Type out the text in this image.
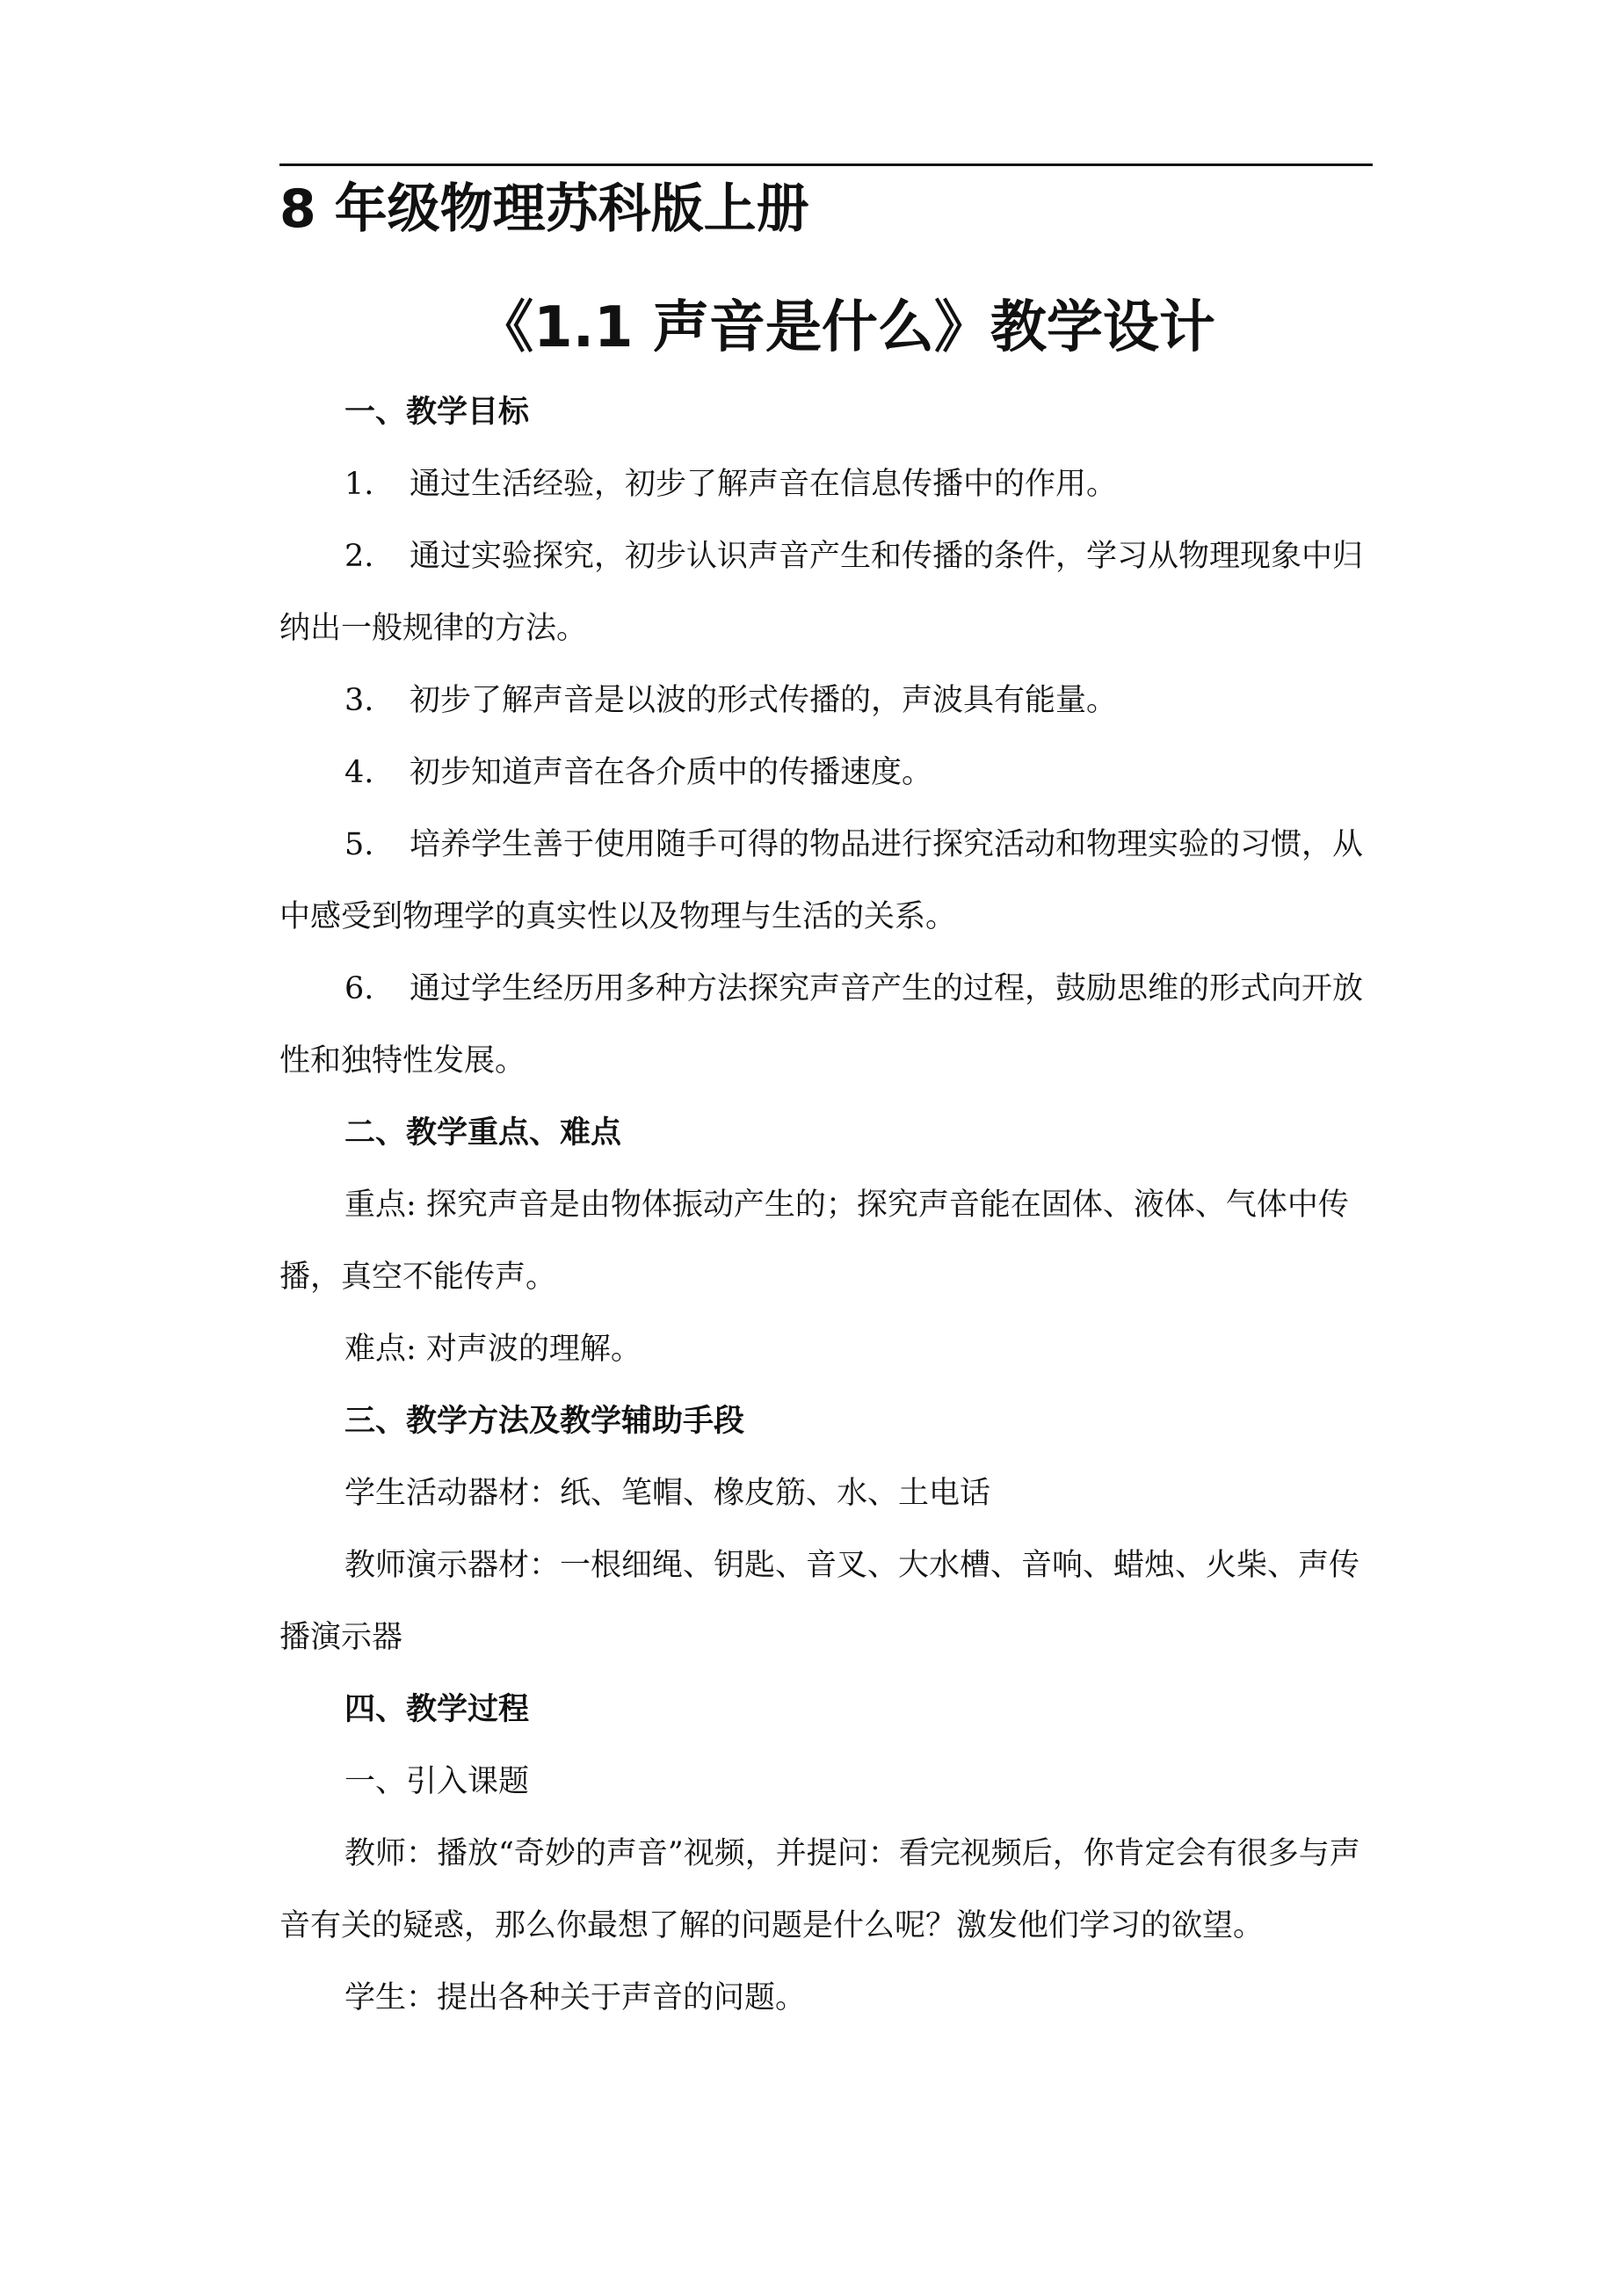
8 年级物理苏科版上册
《1.1 声音是什么》教学设计
一、教学目标
1. 通过生活经验，初步了解声音在信息传播中的作用。
2. 通过实验探究，初步认识声音产生和传播的条件，学习从物理现象中归
纳出一般规律的方法。
3. 初步了解声音是以波的形式传播的，声波具有能量。
4. 初步知道声音在各介质中的传播速度。
5. 培养学生善于使用随手可得的物品进行探究活动和物理实验的习惯，从
中感受到物理学的真实性以及物理与生活的关系。
6. 通过学生经历用多种方法探究声音产生的过程，鼓励思维的形式向开放
性和独特性发展。
二、教学重点、难点
重点: 探究声音是由物体振动产生的；探究声音能在固体、液体、气体中传
播，真空不能传声。
难点: 对声波的理解。
三、教学方法及教学辅助手段
学生活动器材：纸、笔帽、橡皮筋、水、土电话
教师演示器材：一根细绳、钥匙、音叉、大水槽、音响、蜡烛、火柴、声传
播演示器
四、教学过程
一、引入课题
教师：播放“奇妙的声音”视频，并提问：看完视频后，你肯定会有很多与声
音有关的疑惑，那么你最想了解的问题是什么呢？激发他们学习的欲望。
学生：提出各种关于声音的问题。
